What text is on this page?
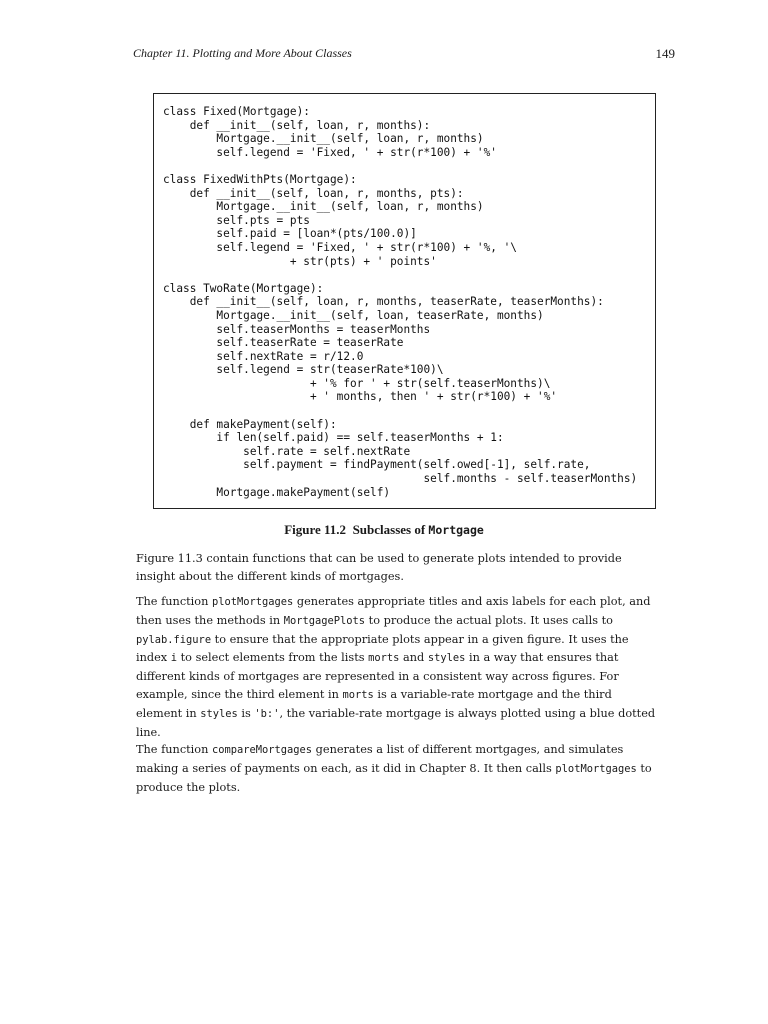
Chapter 11. Plotting and More About Classes	149
class Fixed(Mortgage):
def __init__(self, loan, r, months):
Mortgage.__init__(self, loan, r, months)
self.legend = 'Fixed, ' + str(r*100) + '%'

class FixedWithPts(Mortgage):
def __init__(self, loan, r, months, pts):
Mortgage.__init__(self, loan, r, months)
self.pts = pts
self.paid = [loan*(pts/100.0)]
self.legend = 'Fixed, ' + str(r*100) + '%, '\
+ str(pts) + ' points'

class TwoRate(Mortgage):
def __init__(self, loan, r, months, teaserRate, teaserMonths):
Mortgage.__init__(self, loan, teaserRate, months)
self.teaserMonths = teaserMonths
self.teaserRate = teaserRate
self.nextRate = r/12.0
self.legend = str(teaserRate*100)\
+ '% for ' + str(self.teaserMonths)\
+ ' months, then ' + str(r*100) + '%'

def makePayment(self):
if len(self.paid) == self.teaserMonths + 1:
self.rate = self.nextRate
self.payment = findPayment(self.owed[-1], self.rate,
self.months - self.teaserMonths)
Mortgage.makePayment(self)
Figure 11.2 Subclasses of Mortgage

Figure 11.3 contain functions that can be used to generate plots intended to provide insight about the different kinds of mortgages.

The function plotMortgages generates appropriate titles and axis labels for each plot, and then uses the methods in MortgagePlots to produce the actual plots. It uses calls to pylab.figure to ensure that the appropriate plots appear in a given figure. It uses the index i to select elements from the lists morts and styles in a way that ensures that different kinds of mortgages are represented in a consistent way across figures. For example, since the third element in morts is a variable-rate mortgage and the third element in styles is 'b:', the variable-rate mortgage is always plotted using a blue dotted line.

The function compareMortgages generates a list of different mortgages, and simulates making a series of payments on each, as it did in Chapter 8. It then calls plotMortgages to produce the plots.
